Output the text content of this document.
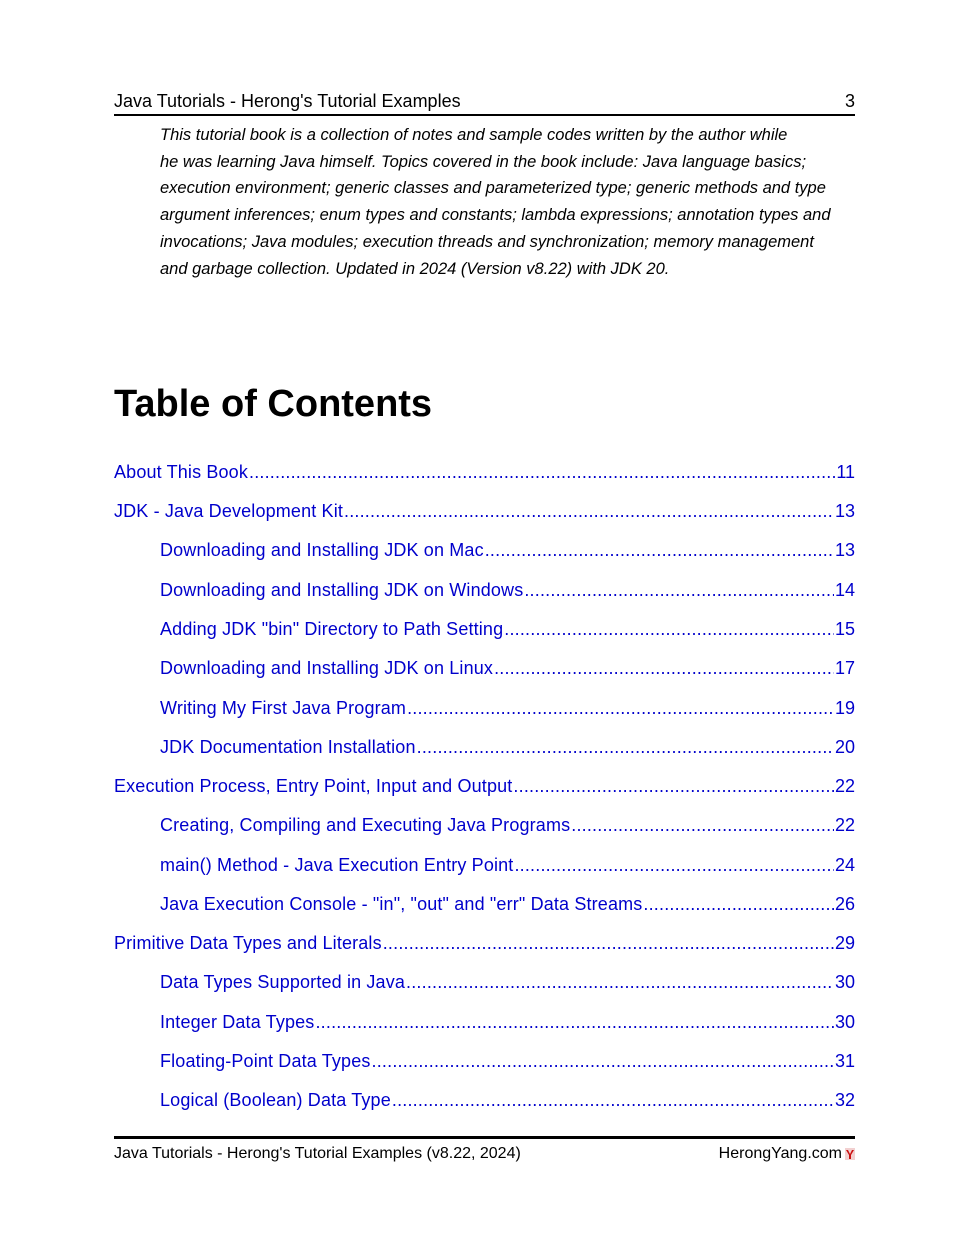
Java Tutorials - Herong's Tutorial Examples	3
This tutorial book is a collection of notes and sample codes written by the author while
he was learning Java himself. Topics covered in the book include: Java language basics;
execution environment; generic classes and parameterized type; generic methods and type
argument inferences; enum types and constants; lambda expressions; annotation types and
invocations; Java modules; execution threads and synchronization; memory management
and garbage collection. Updated in 2024 (Version v8.22) with JDK 20.
Table of Contents
About This Book .....	11
JDK - Java Development Kit .....	13
Downloading and Installing JDK on Mac .....	13
Downloading and Installing JDK on Windows .....	14
Adding JDK "bin" Directory to Path Setting .....	15
Downloading and Installing JDK on Linux .....	17
Writing My First Java Program .....	19
JDK Documentation Installation .....	20
Execution Process, Entry Point, Input and Output .....	22
Creating, Compiling and Executing Java Programs .....	22
main() Method - Java Execution Entry Point .....	24
Java Execution Console - "in", "out" and "err" Data Streams .....	26
Primitive Data Types and Literals .....	29
Data Types Supported in Java .....	30
Integer Data Types .....	30
Floating-Point Data Types .....	31
Logical (Boolean) Data Type .....	32
Java Tutorials - Herong's Tutorial Examples (v8.22, 2024)	HerongYang.com
